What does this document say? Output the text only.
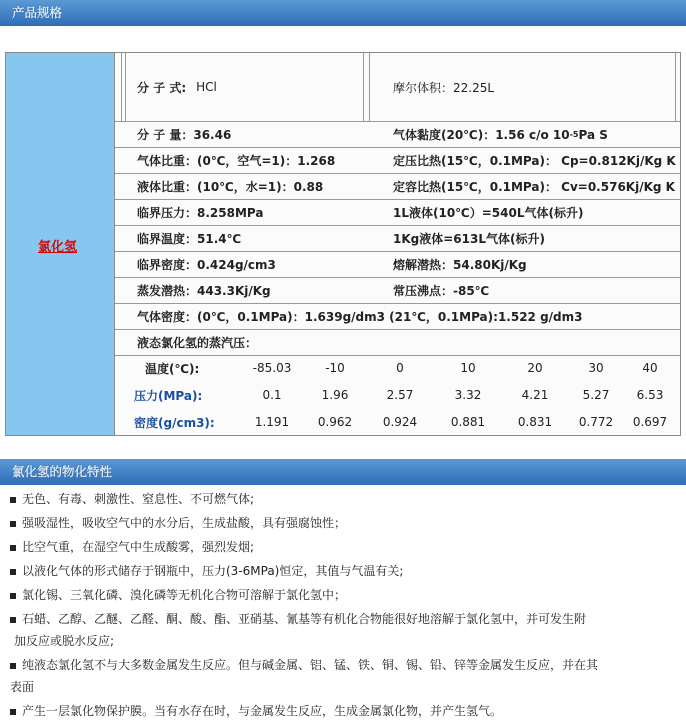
产品规格
氯化氢
分 子 式: HCl	摩尔体积：22.25L
分 子 量：36.46	气体黏度(20℃)：1.56 c/o 10 -5 Pa S
气体比重：(0℃，空气=1)：1.268	定压比热(15℃，0.1MPa)： Cp=0.812Kj/Kg K
液体比重：(10℃，水=1)：0.88	定容比热(15℃，0.1MPa)： Cv=0.576Kj/Kg K
临界压力：8.258MPa	1L液体(10℃）=540L气体(标升)
临界温度：51.4℃	1Kg液体=613L气体(标升)
临界密度：0.424g/cm3	熔解潜热：54.80Kj/Kg
蒸发潜热：443.3Kj/Kg	常压沸点：-85℃
气体密度：(0℃，0.1MPa)：1.639g/dm3 (21℃，0.1MPa):1.522 g/dm3
液态氯化氢的蒸汽压：
温度(℃):	-85.03	-10	0	10	20	30	40
压力(MPa):	0.1	1.96	2.57	3.32	4.21	5.27	6.53
密度(g/cm3):	1.191	0.962	0.924	0.881	0.831	0.772	0.697
氯化氢的物化特性
无色、有毒、刺激性、窒息性、不可燃气体;
强吸湿性，吸收空气中的水分后，生成盐酸，具有强腐蚀性；
比空气重，在湿空气中生成酸雾，强烈发烟;
以液化气体的形式储存于钢瓶中，压力(3-6MPa)恒定，其值与气温有关;
氯化锡、三氧化磷、溴化磷等无机化合物可溶解于氯化氢中；
石蜡、乙醇、乙醚、乙醛、酮、酸、酯、亚硝基、氰基等有机化合物能很好地溶解于氯化氢中，并可发生附
加反应或脱水反应;
纯液态氯化氢不与大多数金属发生反应。但与碱金属、铝、锰、铁、铜、锡、铅、锌等金属发生反应，并在其
表面
产生一层氯化物保护膜。当有水存在时，与金属发生反应，生成金属氯化物，并产生氢气。
